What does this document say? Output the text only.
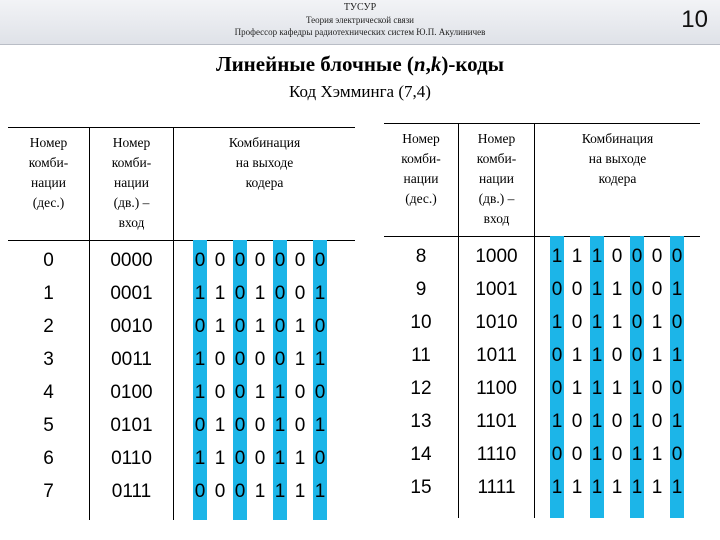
ТУСУР
Теория электрической связи
Профессор кафедры радиотехнических систем Ю.П. Акулиничев	10
Линейные блочные (n,k)-коды
Код Хэмминга (7,4)
Номер
комби-
нации
(дес.)
Номер
комби-
нации
(дв.) –
вход
Комбинация
на выходе
кодера
0	0000	0 0 0 0 0 0 0
1	0001	1 1 0 1 0 0 1
2	0010	0 1 0 1 0 1 0
3	0011	1 0 0 0 0 1 1
4	0100	1 0 0 1 1 0 0
5	0101	0 1 0 0 1 0 1
6	0110	1 1 0 0 1 1 0
7	0111	0 0 0 1 1 1 1
Номер
комби-
нации
(дес.)
Номер
комби-
нации
(дв.) –
вход
Комбинация
на выходе
кодера
8	1000	1 1 1 0 0 0 0
9	1001	0 0 1 1 0 0 1
10	1010	1 0 1 1 0 1 0
11	1011	0 1 1 0 0 1 1
12	1100	0 1 1 1 1 0 0
13	1101	1 0 1 0 1 0 1
14	1110	0 0 1 0 1 1 0
15	1111	1 1 1 1 1 1 1
